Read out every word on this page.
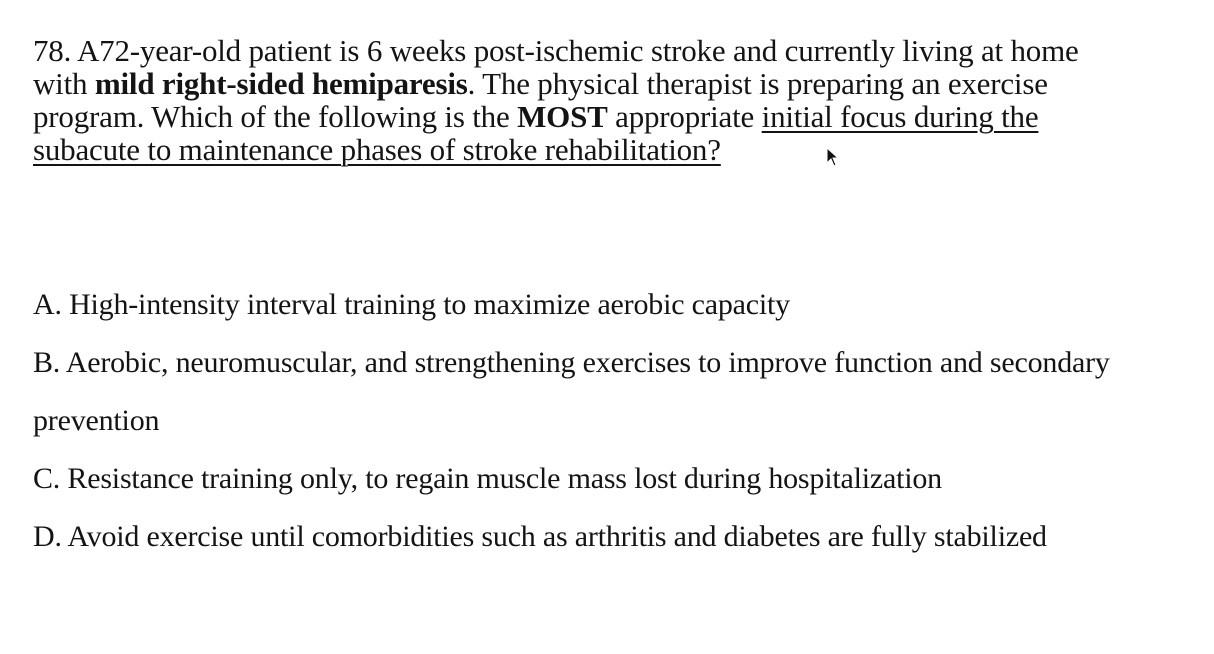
78. A72-year-old patient is 6 weeks post-ischemic stroke and currently living at home with mild right-sided hemiparesis. The physical therapist is preparing an exercise program. Which of the following is the MOST appropriate initial focus during the subacute to maintenance phases of stroke rehabilitation?

A. High-intensity interval training to maximize aerobic capacity

B. Aerobic, neuromuscular, and strengthening exercises to improve function and secondary prevention

C. Resistance training only, to regain muscle mass lost during hospitalization

D. Avoid exercise until comorbidities such as arthritis and diabetes are fully stabilized
